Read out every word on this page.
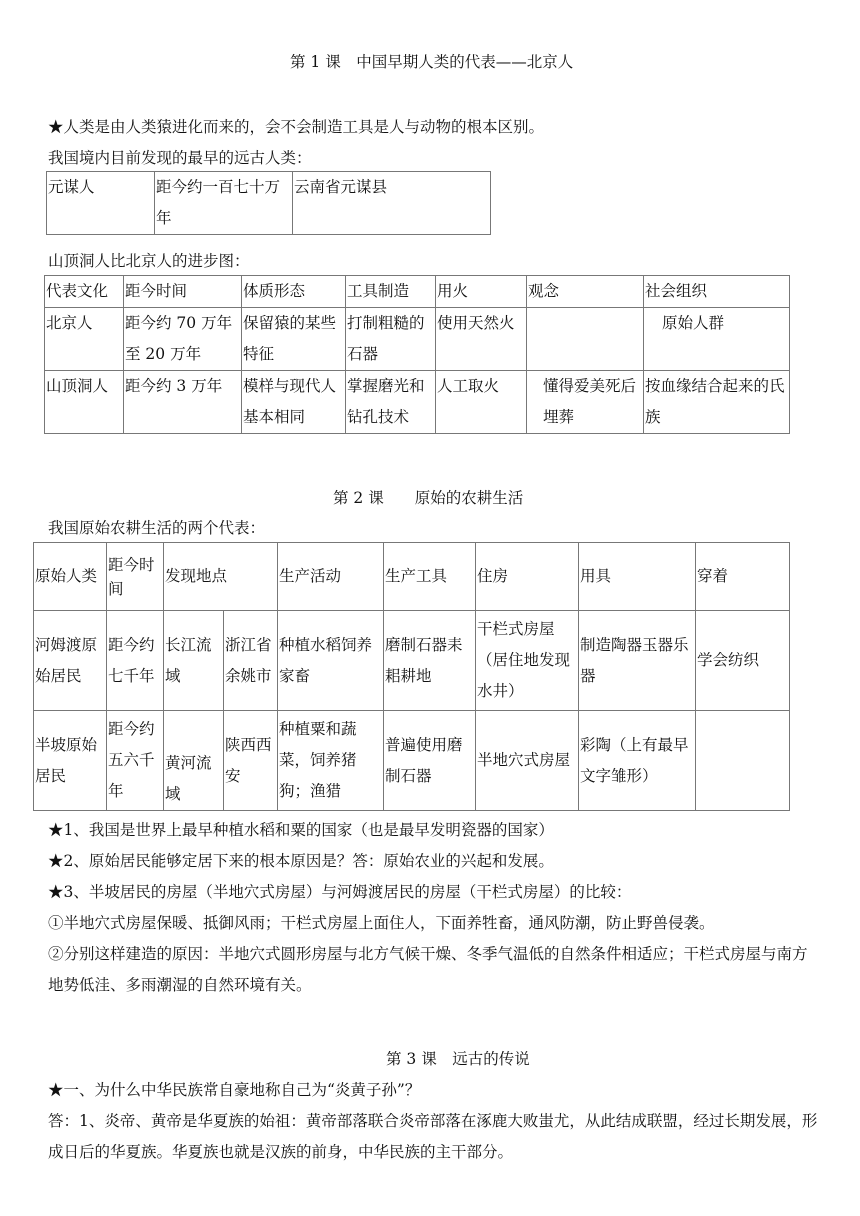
第 1 课　中国早期人类的代表——北京人
★人类是由人类猿进化而来的，会不会制造工具是人与动物的根本区别。
我国境内目前发现的最早的远古人类：
元谋人	距今约一百七十万年	云南省元谋县
山顶洞人比北京人的进步图：
代表文化	距今时间	体质形态	工具制造	用火	观念	社会组织
北京人	距今约 70 万年至 20 万年	保留猿的某些特征	打制粗糙的石器	使用天然火		原始人群
山顶洞人	距今约 3 万年	模样与现代人基本相同	掌握磨光和钻孔技术	人工取火	懂得爱美死后埋葬	按血缘结合起来的氏族
第 2 课　　原始的农耕生活
我国原始农耕生活的两个代表：
原始人类	距今时间	发现地点		生产活动	生产工具	住房	用具	穿着
河姆渡原始居民	距今约七千年	长江流域	浙江省余姚市	种植水稻饲养家畜	磨制石器耒耜耕地	干栏式房屋（居住地发现水井）	制造陶器玉器乐器	学会纺织
半坡原始居民	距今约五六千年	黄河流域	陕西西安	种植粟和蔬菜，饲养猪狗；渔猎	普遍使用磨制石器	半地穴式房屋	彩陶（上有最早文字雏形）	
★1、我国是世界上最早种植水稻和粟的国家（也是最早发明瓷器的国家）
★2、原始居民能够定居下来的根本原因是？答：原始农业的兴起和发展。
★3、半坡居民的房屋（半地穴式房屋）与河姆渡居民的房屋（干栏式房屋）的比较：
①半地穴式房屋保暖、抵御风雨；干栏式房屋上面住人，下面养牲畜，通风防潮，防止野兽侵袭。
②分别这样建造的原因：半地穴式圆形房屋与北方气候干燥、冬季气温低的自然条件相适应；干栏式房屋与南方地势低洼、多雨潮湿的自然环境有关。
第 3 课　远古的传说
★一、为什么中华民族常自豪地称自己为“炎黄子孙”？
答：1、炎帝、黄帝是华夏族的始祖：黄帝部落联合炎帝部落在涿鹿大败蚩尤，从此结成联盟，经过长期发展，形成日后的华夏族。华夏族也就是汉族的前身，中华民族的主干部分。
